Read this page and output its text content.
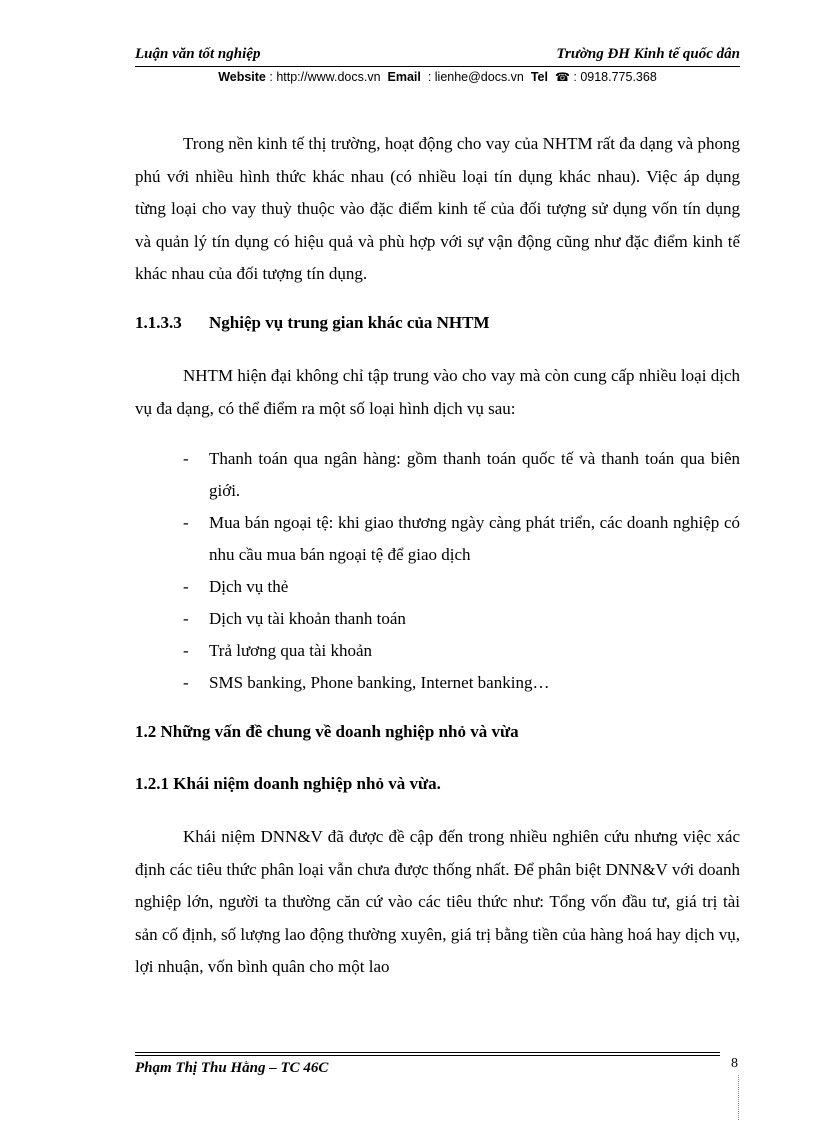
Luận văn tốt nghiệp	Trường ĐH Kinh tế quốc dân
Website : http://www.docs.vn Email : lienhe@docs.vn Tel ☎ : 0918.775.368

Trong nền kinh tế thị trường, hoạt động cho vay của NHTM rất đa dạng và phong phú với nhiều hình thức khác nhau (có nhiều loại tín dụng khác nhau). Việc áp dụng từng loại cho vay thuỳ thuộc vào đặc điểm kinh tế của đối tượng sử dụng vốn tín dụng và quản lý tín dụng có hiệu quả và phù hợp với sự vận động cũng như đặc điểm kinh tế khác nhau của đối tượng tín dụng.

1.1.3.3 Nghiệp vụ trung gian khác của NHTM

NHTM hiện đại không chỉ tập trung vào cho vay mà còn cung cấp nhiều loại dịch vụ đa dạng, có thể điểm ra một số loại hình dịch vụ sau:

- Thanh toán qua ngân hàng: gồm thanh toán quốc tế và thanh toán qua biên giới.
- Mua bán ngoại tệ: khi giao thương ngày càng phát triển, các doanh nghiệp có nhu cầu mua bán ngoại tệ để giao dịch
- Dịch vụ thẻ
- Dịch vụ tài khoản thanh toán
- Trả lương qua tài khoản
- SMS banking, Phone banking, Internet banking…

1.2 Những vấn đề chung về doanh nghiệp nhỏ và vừa

1.2.1 Khái niệm doanh nghiệp nhỏ và vừa.

Khái niệm DNN&V đã được đề cập đến trong nhiều nghiên cứu nhưng việc xác định các tiêu thức phân loại vẫn chưa được thống nhất. Để phân biệt DNN&V với doanh nghiệp lớn, người ta thường căn cứ vào các tiêu thức như: Tổng vốn đầu tư, giá trị tài sản cố định, số lượng lao động thường xuyên, giá trị bằng tiền của hàng hoá hay dịch vụ, lợi nhuận, vốn bình quân cho một lao

Phạm Thị Thu Hằng – TC 46C	8
